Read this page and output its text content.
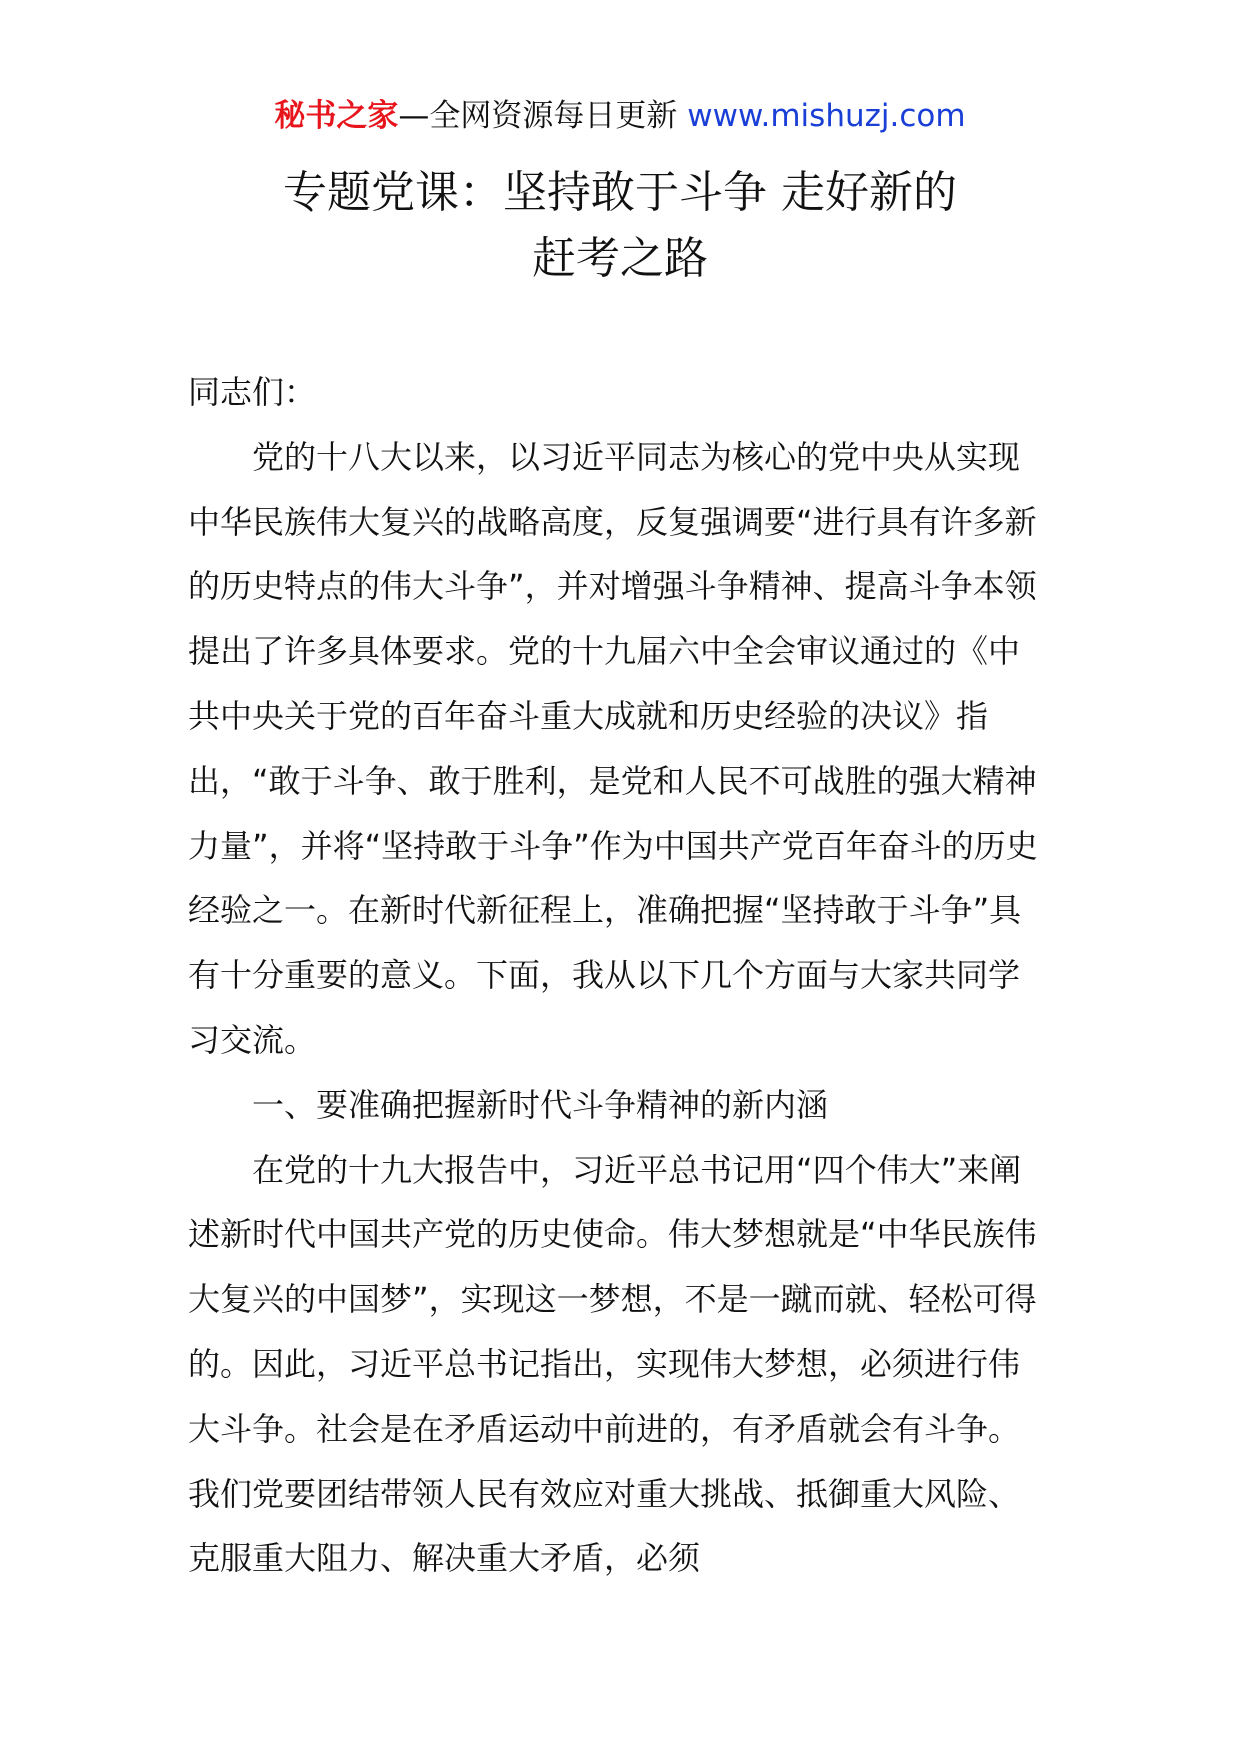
秘书之家—全网资源每日更新 www.mishuzj.com
专题党课：坚持敢于斗争 走好新的
赶考之路

同志们：

党的十八大以来，以习近平同志为核心的党中央从实现中华民族伟大复兴的战略高度，反复强调要“进行具有许多新的历史特点的伟大斗争”，并对增强斗争精神、提高斗争本领提出了许多具体要求。党的十九届六中全会审议通过的《中共中央关于党的百年奋斗重大成就和历史经验的决议》指出，“敢于斗争、敢于胜利，是党和人民不可战胜的强大精神力量”，并将“坚持敢于斗争”作为中国共产党百年奋斗的历史经验之一。在新时代新征程上，准确把握“坚持敢于斗争”具有十分重要的意义。下面，我从以下几个方面与大家共同学习交流。

一、要准确把握新时代斗争精神的新内涵

在党的十九大报告中，习近平总书记用“四个伟大”来阐述新时代中国共产党的历史使命。伟大梦想就是“中华民族伟大复兴的中国梦”，实现这一梦想，不是一蹴而就、轻松可得的。因此，习近平总书记指出，实现伟大梦想，必须进行伟大斗争。社会是在矛盾运动中前进的，有矛盾就会有斗争。我们党要团结带领人民有效应对重大挑战、抵御重大风险、克服重大阻力、解决重大矛盾，必须
